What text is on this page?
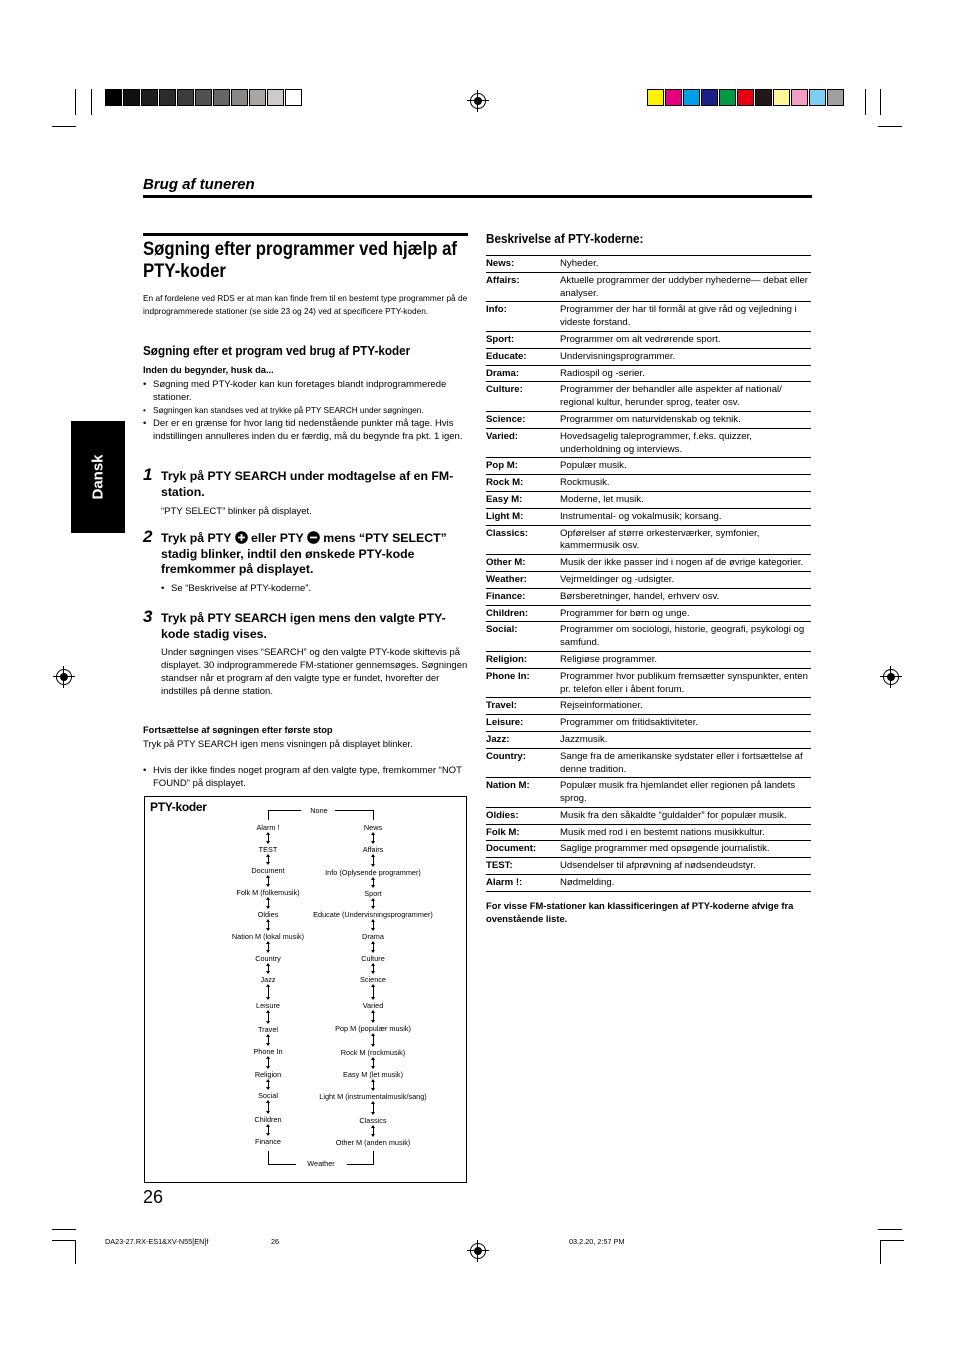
Brug af tuneren
Dansk
Søgning efter programmer ved hjælp af PTY-koder
En af fordelene ved RDS er at man kan finde frem til en bestemt type programmer på de indprogrammerede stationer (se side 23 og 24) ved at specificere PTY-koden.
Søgning efter et program ved brug af PTY-koder
Inden du begynder, husk da...
• Søgning med PTY-koder kan kun foretages blandt indprogrammerede stationer.
• Søgningen kan standses ved at trykke på PTY SEARCH under søgningen.
• Der er en grænse for hvor lang tid nedenstående punkter må tage. Hvis indstillingen annulleres inden du er færdig, må du begynde fra pkt. 1 igen.
1 Tryk på PTY SEARCH under modtagelse af en FM-station.
“PTY SELECT” blinker på displayet.
2 Tryk på PTY eller PTY mens “PTY SELECT” stadig blinker, indtil den ønskede PTY-kode fremkommer på displayet.
• Se “Beskrivelse af PTY-koderne”.
3 Tryk på PTY SEARCH igen mens den valgte PTY-kode stadig vises.
Under søgningen vises “SEARCH” og den valgte PTY-kode skiftevis på displayet. 30 indprogrammerede FM-stationer gennemsøges. Søgningen standser når et program af den valgte type er fundet, hvorefter der indstilles på denne station.
Fortsættelse af søgningen efter første stop
Tryk på PTY SEARCH igen mens visningen på displayet blinker.
• Hvis der ikke findes noget program af den valgte type, fremkommer “NOT FOUND” på displayet.
PTY-koder	None
Weather
Alarm !
TEST
Document
Folk M (folkemusik)
Oldies
Nation M (lokal musik)
Country
Jazz
Leisure
Travel
Phone In
Religion
Social
Children
Finance
News
Affairs
Info (Oplysende programmer)
Sport
Educate (Undervisningsprogrammer)
Drama
Culture
Science
Varied
Pop M (populær musik)
Rock M (rockmusik)
Easy M (let musik)
Light M (instrumentalmusik/sang)
Classics
Other M (anden musik)
Beskrivelse af PTY-koderne:
News:	Nyheder.
Affairs:	Aktuelle programmer der uddyber nyhederne— debat eller analyser.
Info:	Programmer der har til formål at give råd og vejledning i videste forstand.
Sport:	Programmer om alt vedrørende sport.
Educate:	Undervisningsprogrammer.
Drama:	Radiospil og -serier.
Culture:	Programmer der behandler alle aspekter af national/ regional kultur, herunder sprog, teater osv.
Science:	Programmer om naturvidenskab og teknik.
Varied:	Hovedsagelig taleprogrammer, f.eks. quizzer, underholdning og interviews.
Pop M:	Populær musik.
Rock M:	Rockmusik.
Easy M:	Moderne, let musik.
Light M:	Instrumental- og vokalmusik; korsang.
Classics:	Opførelser af større orkesterværker, symfonier, kammermusik osv.
Other M:	Musik der ikke passer ind i nogen af de øvrige kategorier.
Weather:	Vejrmeldinger og -udsigter.
Finance:	Børsberetninger, handel, erhverv osv.
Children:	Programmer for børn og unge.
Social:	Programmer om sociologi, historie, geografi, psykologi og samfund.
Religion:	Religiøse programmer.
Phone In:	Programmer hvor publikum fremsætter synspunkter, enten pr. telefon eller i åbent forum.
Travel:	Rejseinformationer.
Leisure:	Programmer om fritidsaktiviteter.
Jazz:	Jazzmusik.
Country:	Sange fra de amerikanske sydstater eller i fortsættelse af denne tradition.
Nation M:	Populær musik fra hjemlandet eller regionen på landets sprog.
Oldies:	Musik fra den såkaldte “guldalder” for populær musik.
Folk M:	Musik med rod i en bestemt nations musikkultur.
Document:	Saglige programmer med opsøgende journalistik.
TEST:	Udsendelser til afprøvning af nødsendeudstyr.
Alarm !:	Nødmelding.
For visse FM-stationer kan klassificeringen af PTY-koderne afvige fra ovenstående liste.
26
DA23-27.RX-ES1&XV-N55[EN]f	26	03.2.20, 2:57 PM
